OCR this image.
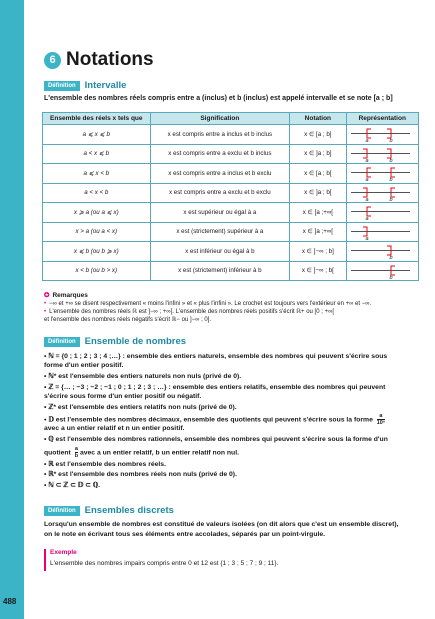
488
6 Notations
Définition Intervalle
L'ensemble des nombres réels compris entre a (inclus) et b (inclus) est appelé intervalle et se note [a ; b]
Ensemble des réels x tels que	Signification	Notation	Représentation
a ⩽ x ⩽ b	x est compris entre a inclus et b inclus	x ∈ [a ; b]	a b

a < x ⩽ b	x est compris entre a exclu et b inclus	x ∈ ]a ; b]	a b

a ⩽ x < b	x est compris entre a inclus et b exclu	x ∈ [a ; b[	a b

a < x < b	x est compris entre a exclu et b exclu	x ∈ ]a ; b[	a b

x ⩾ a (ou a ⩽ x)	x est supérieur ou égal à a	x ∈ [a ;+∞[	a

x > a (ou a < x)	x est (strictement) supérieur à a	x ∈ ]a ;+∞[	a

x ⩽ b (ou b ⩾ x)	x est inférieur ou égal à b	x ∈ ]−∞ ; b]	b

x < b (ou b > x)	x est (strictement) inférieur à b	x ∈ ]−∞ ; b[	b
✪ Remarques
• −∞ et +∞ se disent respectivement « moins l'infini » et « plus l'infini ». Le crochet est toujours vers l'extérieur en +∞ et −∞.
• L'ensemble des nombres réels ℝ est ]−∞ ; +∞[. L'ensemble des nombres réels positifs s'écrit ℝ+ ou [0 ; +∞[
et l'ensemble des nombres réels négatifs s'écrit ℝ− ou ]−∞ ; 0].
Définition Ensemble de nombres
• ℕ = {0 ; 1 ; 2 ; 3 ; 4 ;…} : ensemble des entiers naturels, ensemble des nombres qui peuvent s'écrire sous
forme d'un entier positif.
• ℕ* est l'ensemble des entiers naturels non nuls (privé de 0).
• ℤ = {… ; −3 ; −2 ; −1 ; 0 ; 1 ; 2 ; 3 ; …} : ensemble des entiers relatifs, ensemble des nombres qui peuvent
s'écrire sous forme d'un entier positif ou négatif.
• ℤ* est l'ensemble des entiers relatifs non nuls (privé de 0).
• 𝔻 est l'ensemble des nombres décimaux, ensemble des quotients qui peuvent s'écrire sous la forme $\frac{a}{\text{10ⁿ}}$
avec a un entier relatif et n un entier positif.
• ℚ est l'ensemble des nombres rationnels, ensemble des nombres qui peuvent s'écrire sous la forme d'un
quotient $\frac{a}{b}$ avec a un entier relatif, b un entier relatif non nul.
• ℝ est l'ensemble des nombres réels.
• ℝ* est l'ensemble des nombres réels non nuls (privé de 0).
• ℕ ⊂ ℤ ⊂ 𝔻 ⊂ ℚ.
Définition Ensembles discrets
Lorsqu'un ensemble de nombres est constitué de valeurs isolées (on dit alors que c'est un ensemble discret),
on le note en écrivant tous ses éléments entre accolades, séparés par un point-virgule.
Exemple
L'ensemble des nombres impairs compris entre 0 et 12 est {1 ; 3 ; 5 ; 7 ; 9 ; 11}.
